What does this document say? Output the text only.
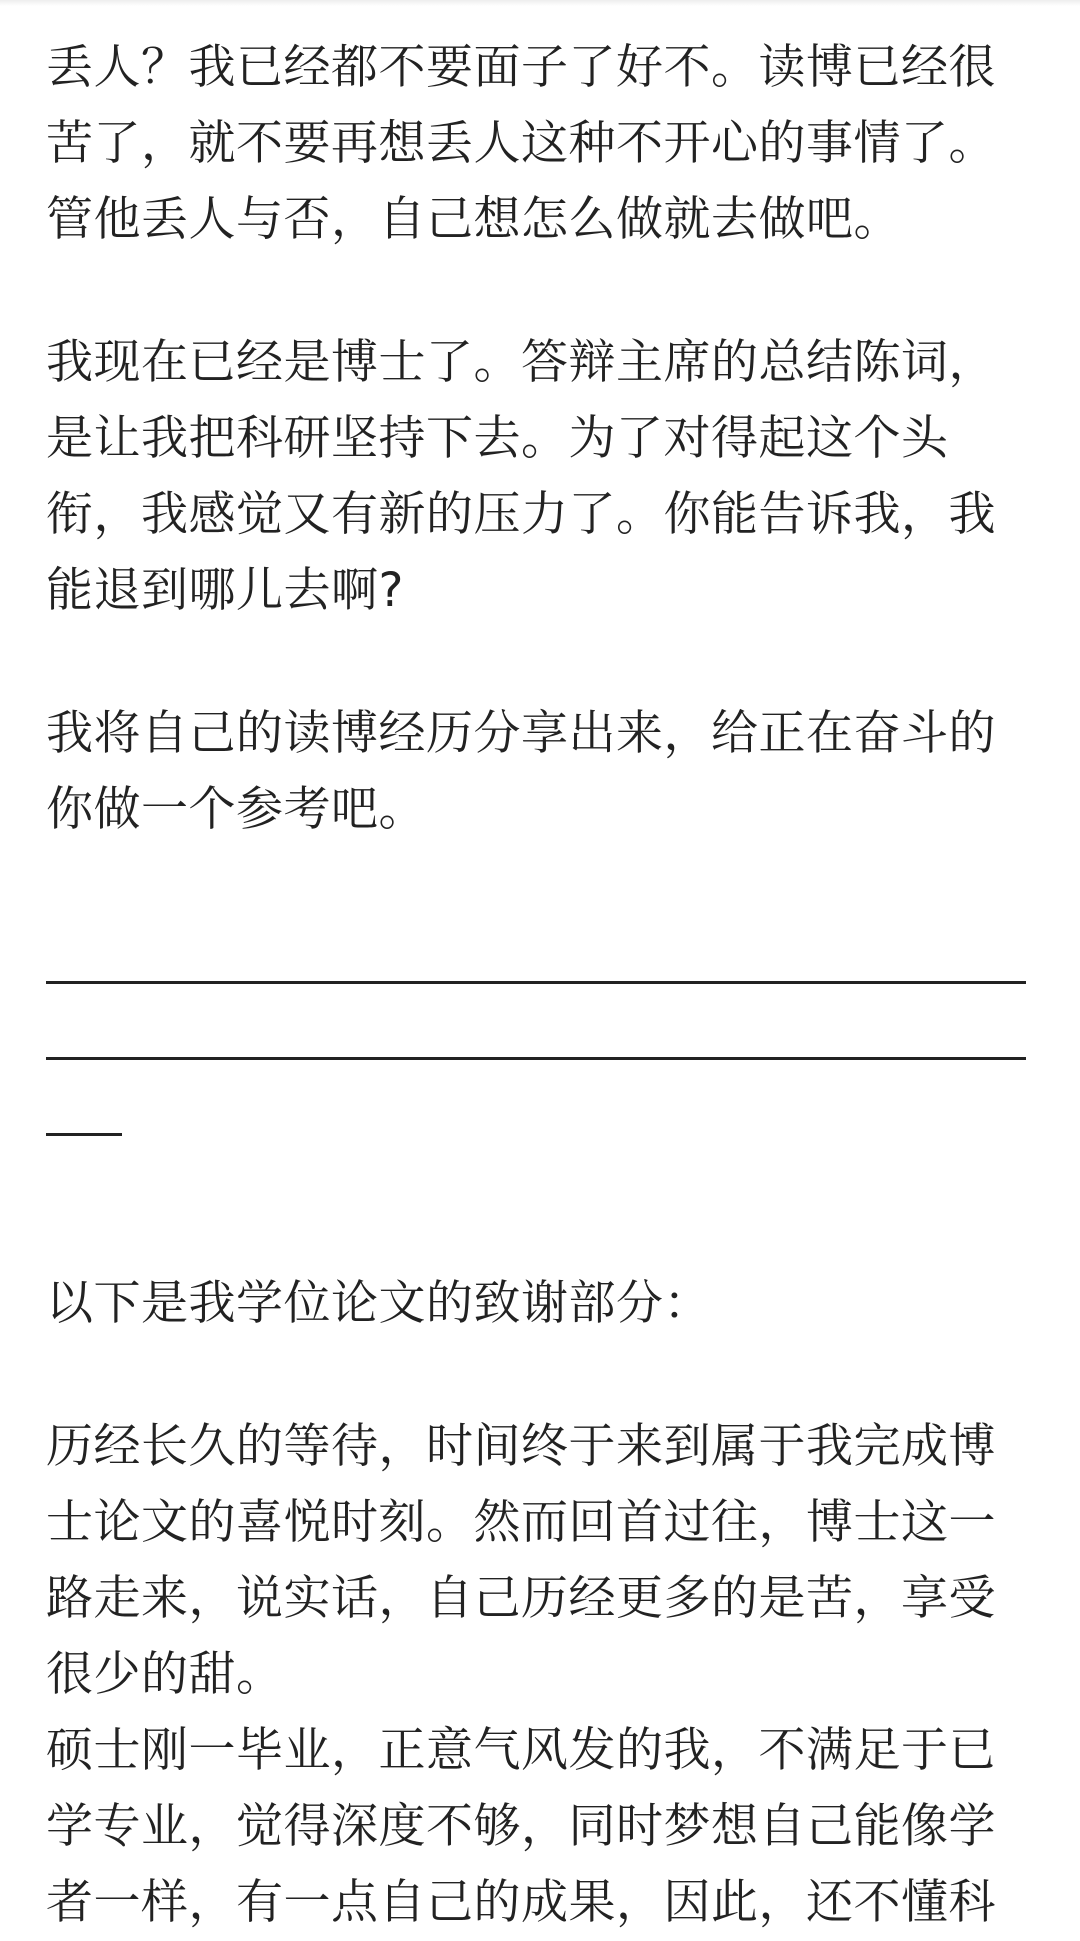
丢人？我已经都不要面子了好不。读博已经很
苦了，就不要再想丢人这种不开心的事情了。
管他丢人与否，自己想怎么做就去做吧。
我现在已经是博士了。答辩主席的总结陈词，
是让我把科研坚持下去。为了对得起这个头
衔，我感觉又有新的压力了。你能告诉我，我
能退到哪儿去啊?
我将自己的读博经历分享出来，给正在奋斗的
你做一个参考吧。
以下是我学位论文的致谢部分：
历经长久的等待，时间终于来到属于我完成博
士论文的喜悦时刻。然而回首过往，博士这一
路走来，说实话，自己历经更多的是苦，享受
很少的甜。
硕士刚一毕业，正意气风发的我，不满足于已
学专业，觉得深度不够，同时梦想自己能像学
者一样，有一点自己的成果，因此，还不懂科
